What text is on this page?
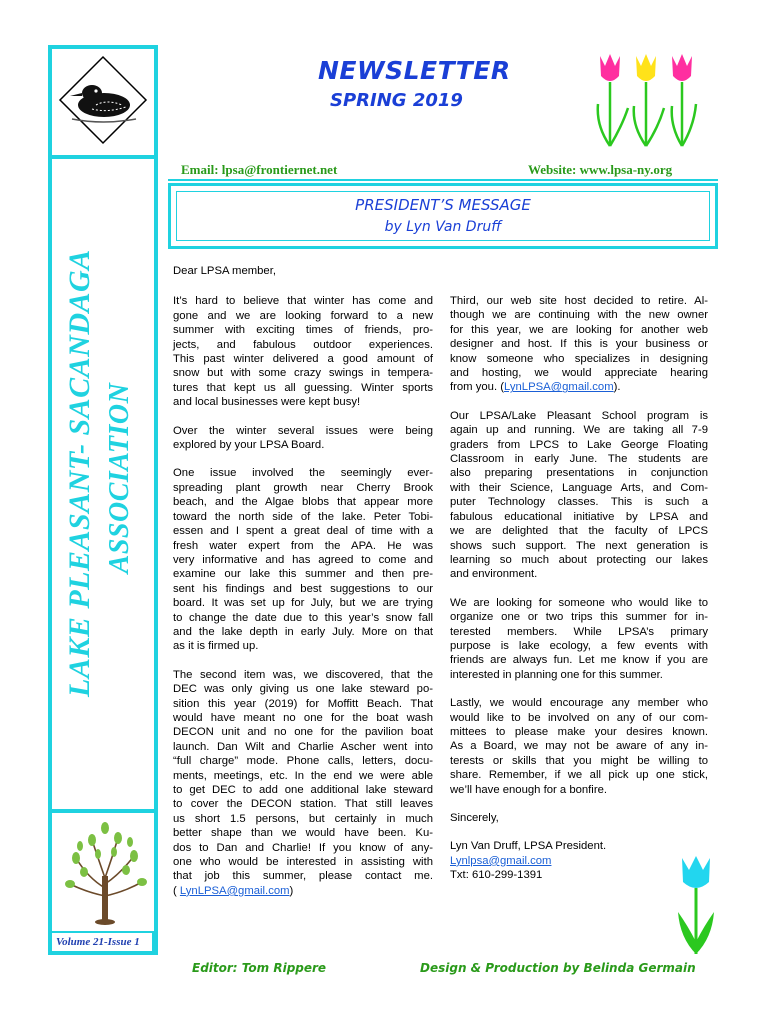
LAKE PLEASANT- SACANDAGA ASSOCIATION
Volume 21-Issue 1
NEWSLETTER
SPRING 2019
Email: lpsa@frontiernet.net	Website: www.lpsa-ny.org
PRESIDENT’S MESSAGE
by Lyn Van Druff

Dear LPSA member,

It’s hard to believe that winter has come and
gone and we are looking forward to a new
summer with exciting times of friends, pro-
jects, and fabulous outdoor experiences.
This past winter delivered a good amount of
snow but with some crazy swings in tempera-
tures that kept us all guessing. Winter sports
and local businesses were kept busy!
Over the winter several issues were being
explored by your LPSA Board.
One issue involved the seemingly ever-
spreading plant growth near Cherry Brook
beach, and the Algae blobs that appear more
toward the north side of the lake. Peter Tobi-
essen and I spent a great deal of time with a
fresh water expert from the APA. He was
very informative and has agreed to come and
examine our lake this summer and then pre-
sent his findings and best suggestions to our
board. It was set up for July, but we are trying
to change the date due to this year’s snow fall
and the lake depth in early July. More on that
as it is firmed up.
The second item was, we discovered, that the
DEC was only giving us one lake steward po-
sition this year (2019) for Moffitt Beach. That
would have meant no one for the boat wash
DECON unit and no one for the pavilion boat
launch. Dan Wilt and Charlie Ascher went into
“full charge” mode. Phone calls, letters, docu-
ments, meetings, etc. In the end we were able
to get DEC to add one additional lake steward
to cover the DECON station. That still leaves
us short 1.5 persons, but certainly in much
better shape than we would have been. Ku-
dos to Dan and Charlie! If you know of any-
one who would be interested in assisting with
that job this summer, please contact me.
( LynLPSA@gmail.com)
Third, our web site host decided to retire. Al-
though we are continuing with the new owner
for this year, we are looking for another web
designer and host. If this is your business or
know someone who specializes in designing
and hosting, we would appreciate hearing
from you. (LynLPSA@gmail.com).
Our LPSA/Lake Pleasant School program is
again up and running. We are taking all 7-9
graders from LPCS to Lake George Floating
Classroom in early June. The students are
also preparing presentations in conjunction
with their Science, Language Arts, and Com-
puter Technology classes. This is such a
fabulous educational initiative by LPSA and
we are delighted that the faculty of LPCS
shows such support. The next generation is
learning so much about protecting our lakes
and environment.
We are looking for someone who would like to
organize one or two trips this summer for in-
terested members. While LPSA’s primary
purpose is lake ecology, a few events with
friends are always fun. Let me know if you are
interested in planning one for this summer.
Lastly, we would encourage any member who
would like to be involved on any of our com-
mittees to please make your desires known.
As a Board, we may not be aware of any in-
terests or skills that you might be willing to
share. Remember, if we all pick up one stick,
we’ll have enough for a bonfire.

Sincerely,

Lyn Van Druff, LPSA President.

Lynlpsa@gmail.com

Txt: 610-299-1391

Editor: Tom Rippere	Design & Production by Belinda Germain
